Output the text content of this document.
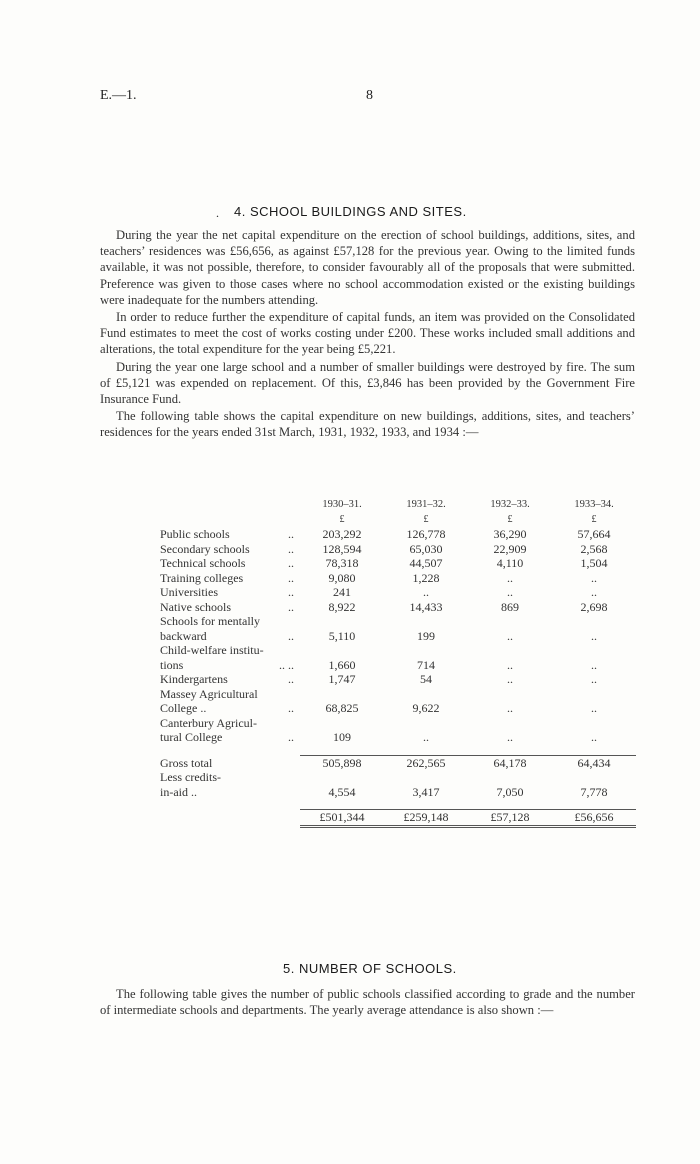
E.—1.	8
. 4. SCHOOL BUILDINGS AND SITES.

During the year the net capital expenditure on the erection of school buildings, additions, sites, and teachers’ residences was £56,656, as against £57,128 for the previous year. Owing to the limited funds available, it was not possible, therefore, to consider favourably all of the proposals that were submitted. Preference was given to those cases where no school accommodation existed or the existing buildings were inadequate for the numbers attending.

In order to reduce further the expenditure of capital funds, an item was provided on the Consolidated Fund estimates to meet the cost of works costing under £200. These works included small additions and alterations, the total expenditure for the year being £5,221.

During the year one large school and a number of smaller buildings were destroyed by fire. The sum of £5,121 was expended on replacement. Of this, £3,846 has been provided by the Government Fire Insurance Fund.

The following table shows the capital expenditure on new buildings, additions, sites, and teachers’ residences for the years ended 31st March, 1931, 1932, 1933, and 1934 :—

	1930–31.	1931–32.	1932–33.	1933–34.
	£	£	£	£
Public schools ..	203,292	126,778	36,290	57,664
Secondary schools ..	128,594	65,030	22,909	2,568
Technical schools ..	78,318	44,507	4,110	1,504
Training colleges ..	9,080	1,228	..	..
Universities ..	241	..	..	..
Native schools ..	8,922	14,433	869	2,698
Schools for mentally

backward ..	5,110	199	..	..
Child-welfare institu-

tions .. ..	1,660	714	..	..
Kindergartens ..	1,747	54	..	..
Massey Agricultural

College .. ..	68,825	9,622	..	..
Canterbury Agricul-

tural College ..	109	..	..	..

Gross total	505,898	262,565	64,178	64,434
Less credits-				
in-aid ..	4,554	3,417	7,050	7,778

	£501,344	£259,148	£57,128	£56,656
5. NUMBER OF SCHOOLS.

The following table gives the number of public schools classified according to grade and the number of intermediate schools and departments. The yearly average attendance is also shown :—
